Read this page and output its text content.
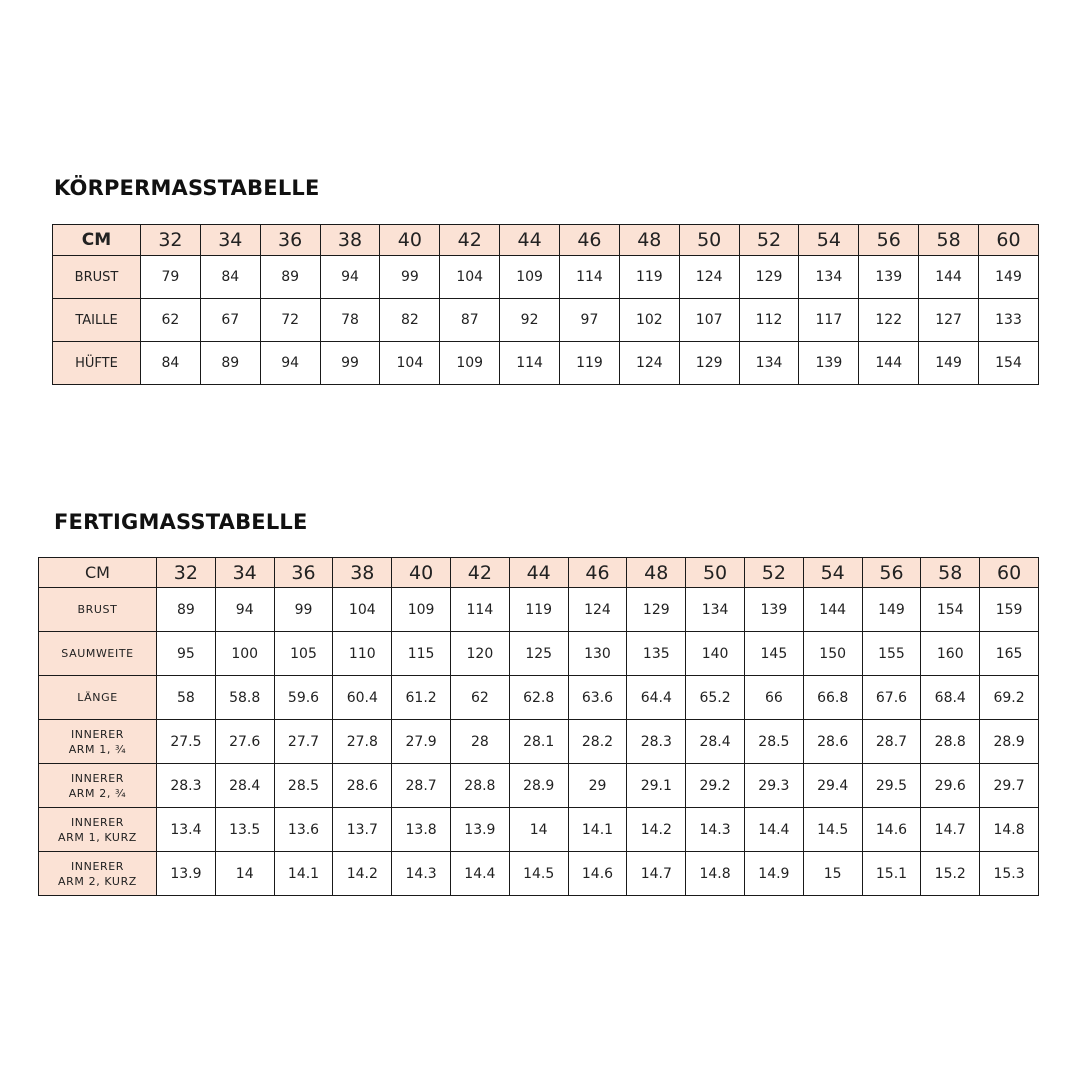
KÖRPERMASSTABELLE
CM	32	34	36	38	40	42	44	46	48	50	52	54	56	58	60
BRUST	79	84	89	94	99	104	109	114	119	124	129	134	139	144	149
TAILLE	62	67	72	78	82	87	92	97	102	107	112	117	122	127	133
HÜFTE	84	89	94	99	104	109	114	119	124	129	134	139	144	149	154
FERTIGMASSTABELLE
CM	32	34	36	38	40	42	44	46	48	50	52	54	56	58	60
BRUST	89	94	99	104	109	114	119	124	129	134	139	144	149	154	159
SAUMWEITE	95	100	105	110	115	120	125	130	135	140	145	150	155	160	165
LÄNGE	58	58.8	59.6	60.4	61.2	62	62.8	63.6	64.4	65.2	66	66.8	67.6	68.4	69.2
INNERER
ARM 1, ¾	27.5	27.6	27.7	27.8	27.9	28	28.1	28.2	28.3	28.4	28.5	28.6	28.7	28.8	28.9
INNERER
ARM 2, ¾	28.3	28.4	28.5	28.6	28.7	28.8	28.9	29	29.1	29.2	29.3	29.4	29.5	29.6	29.7
INNERER
ARM 1, KURZ	13.4	13.5	13.6	13.7	13.8	13.9	14	14.1	14.2	14.3	14.4	14.5	14.6	14.7	14.8
INNERER
ARM 2, KURZ	13.9	14	14.1	14.2	14.3	14.4	14.5	14.6	14.7	14.8	14.9	15	15.1	15.2	15.3
